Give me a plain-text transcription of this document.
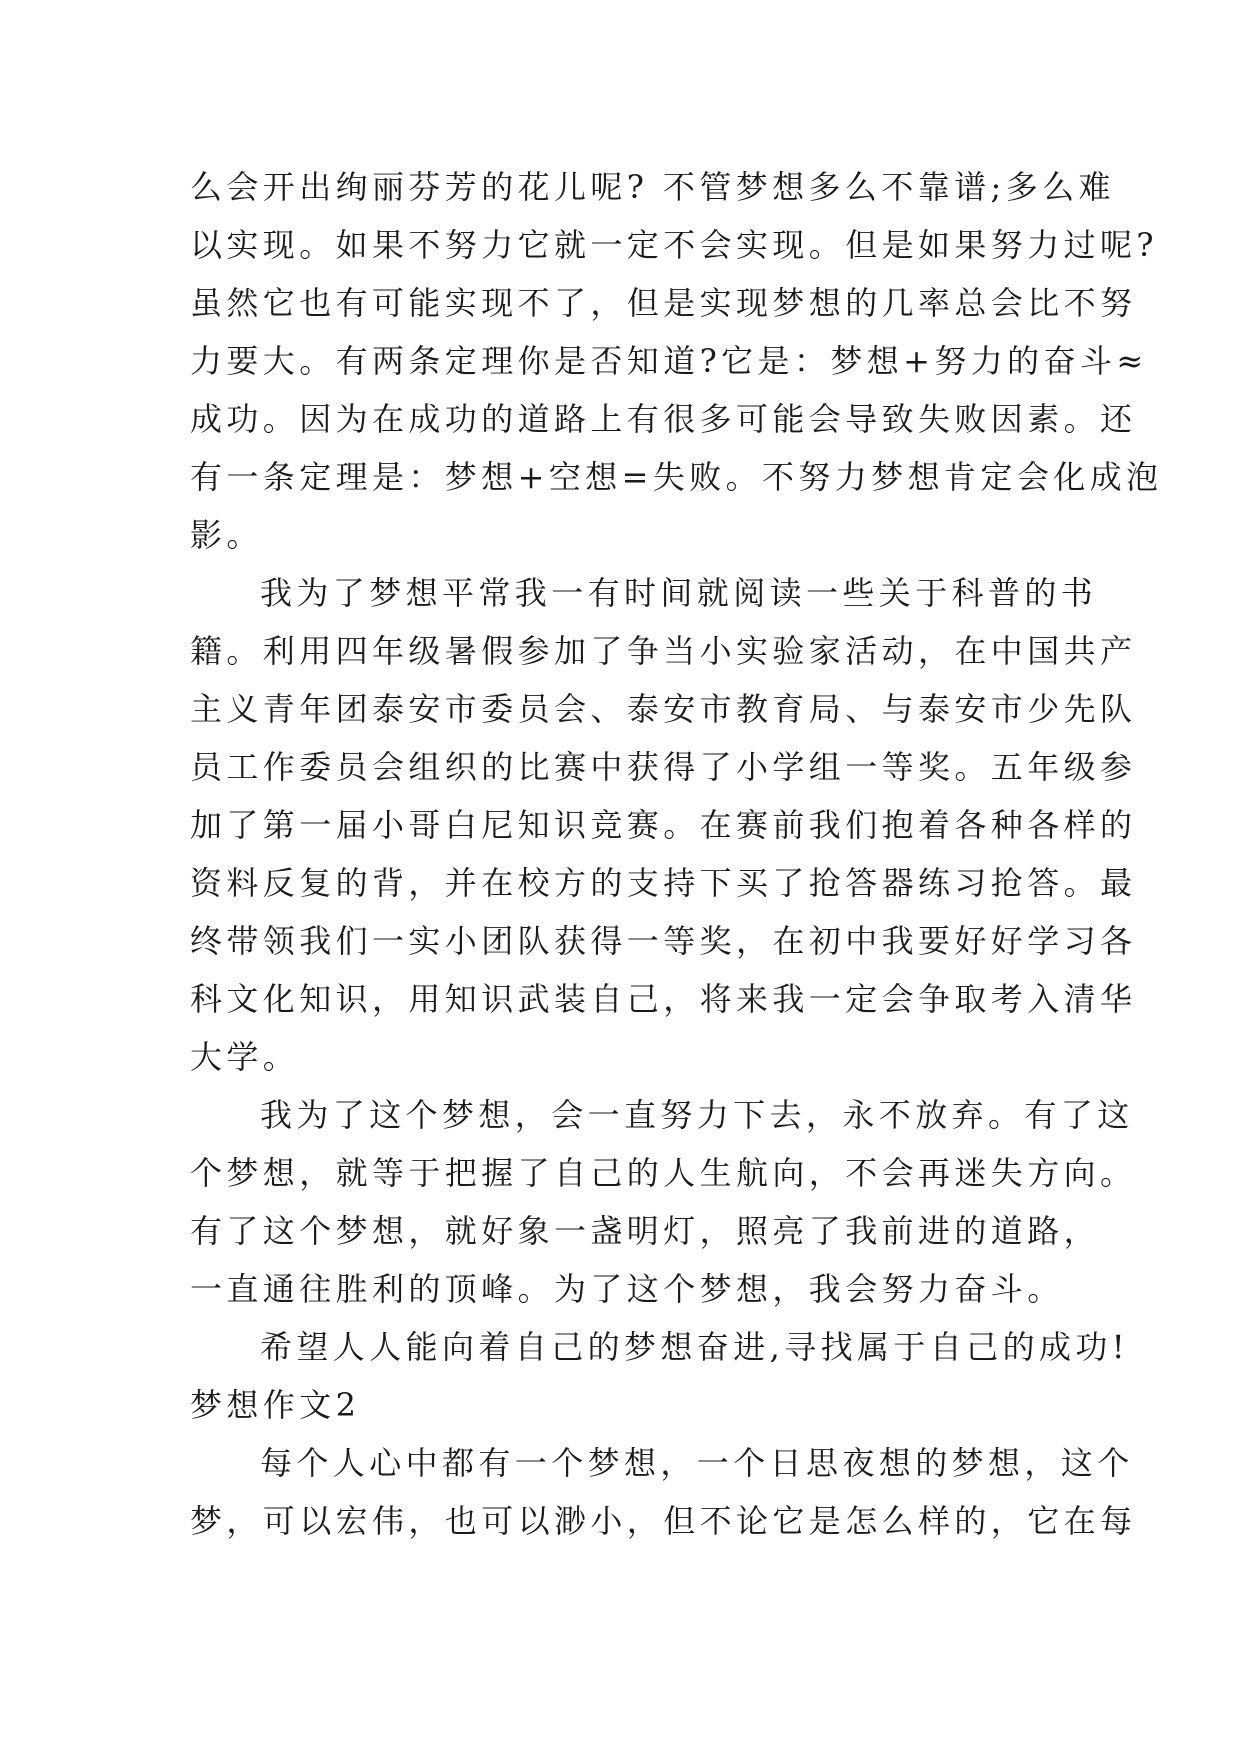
么会开出绚丽芬芳的花儿呢? 不管梦想多么不靠谱;多么难
以实现。如果不努力它就一定不会实现。但是如果努力过呢?
虽然它也有可能实现不了，但是实现梦想的几率总会比不努
力要大。有两条定理你是否知道?它是：梦想+努力的奋斗≈
成功。因为在成功的道路上有很多可能会导致失败因素。还
有一条定理是：梦想+空想=失败。不努力梦想肯定会化成泡
影。
我为了梦想平常我一有时间就阅读一些关于科普的书
籍。利用四年级暑假参加了争当小实验家活动，在中国共产
主义青年团泰安市委员会、泰安市教育局、与泰安市少先队
员工作委员会组织的比赛中获得了小学组一等奖。五年级参
加了第一届小哥白尼知识竞赛。在赛前我们抱着各种各样的
资料反复的背，并在校方的支持下买了抢答器练习抢答。最
终带领我们一实小团队获得一等奖，在初中我要好好学习各
科文化知识，用知识武装自己，将来我一定会争取考入清华
大学。
我为了这个梦想，会一直努力下去，永不放弃。有了这
个梦想，就等于把握了自己的人生航向，不会再迷失方向。
有了这个梦想，就好象一盏明灯，照亮了我前进的道路，
一直通往胜利的顶峰。为了这个梦想，我会努力奋斗。
希望人人能向着自己的梦想奋进,寻找属于自己的成功!
梦想作文2
每个人心中都有一个梦想，一个日思夜想的梦想，这个
梦，可以宏伟，也可以渺小，但不论它是怎么样的，它在每
